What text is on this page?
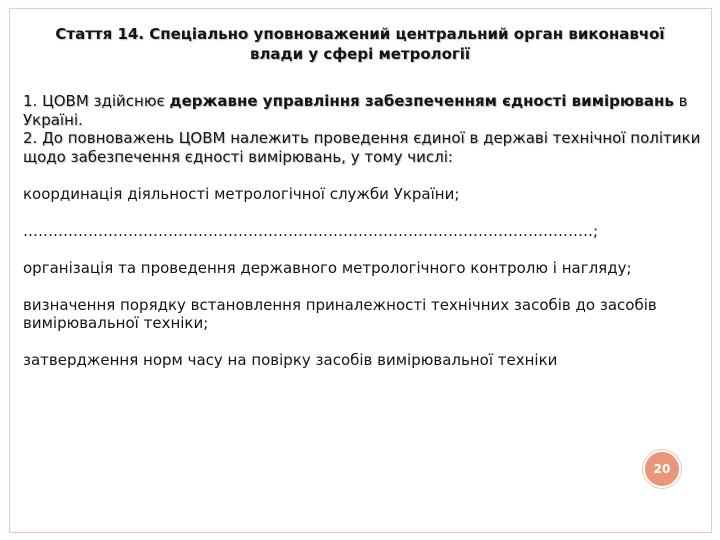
Стаття 14. Спеціально уповноважений центральний орган виконавчої влади у сфері метрології

1. ЦОВМ здійснює державне управління забезпеченням єдності вимірювань в Україні.
2. До повноважень ЦОВМ належить проведення єдиної в державі технічної політики щодо забезпечення єдності вимірювань, у тому числі:

координація діяльності метрологічної служби України;

……………………………………………………………………………………………………;

організація та проведення державного метрологічного контролю і нагляду;

визначення порядку встановлення приналежності технічних засобів до засобів вимірювальної техніки;

затвердження норм часу на повірку засобів вимірювальної техніки

20
